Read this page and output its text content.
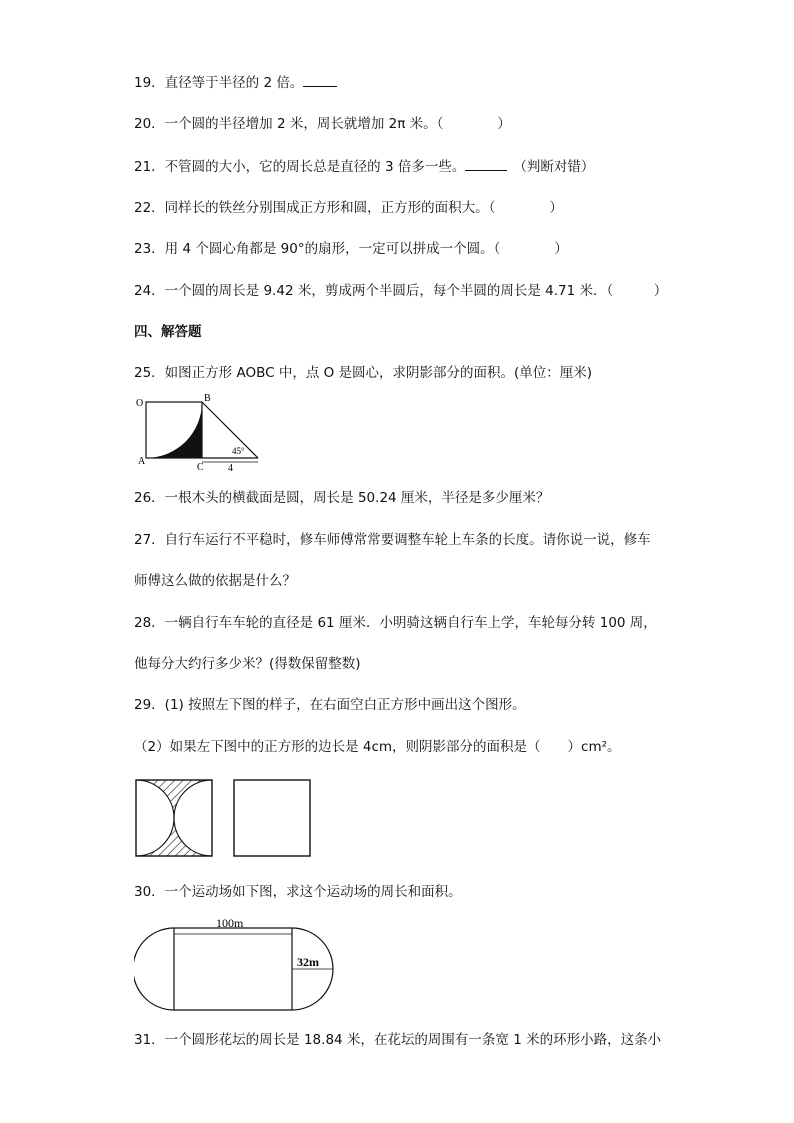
19．直径等于半径的 2 倍。
20．一个圆的半径增加 2 米，周长就增加 2π 米。（　　　　）
21．不管圆的大小，它的周长总是直径的 3 倍多一些。	（判断对错）
22．同样长的铁丝分别围成正方形和圆，正方形的面积大。（　　　　）
23．用 4 个圆心角都是 90°的扇形，一定可以拼成一个圆。（　　　　）
24．一个圆的周长是 9.42 米，剪成两个半圆后，每个半圆的周长是 4.71 米．（　　　）
四、解答题
25．如图正方形 AOBC 中，点 O 是圆心，求阴影部分的面积。(单位：厘米)
O	B
A
C
45°
4
26．一根木头的横截面是圆，周长是 50.24 厘米，半径是多少厘米？
27．自行车运行不平稳时，修车师傅常常要调整车轮上车条的长度。请你说一说，修车
师傅这么做的依据是什么？
28．一辆自行车车轮的直径是 61 厘米．小明骑这辆自行车上学，车轮每分转 100 周，
他每分大约行多少米？(得数保留整数)
29．(1) 按照左下图的样子，在右面空白正方形中画出这个图形。
（2）如果左下图中的正方形的边长是 4cm，则阴影部分的面积是（　　）cm²。
30．一个运动场如下图，求这个运动场的周长和面积。
100m
32m
31．一个圆形花坛的周长是 18.84 米，在花坛的周围有一条宽 1 米的环形小路，这条小
